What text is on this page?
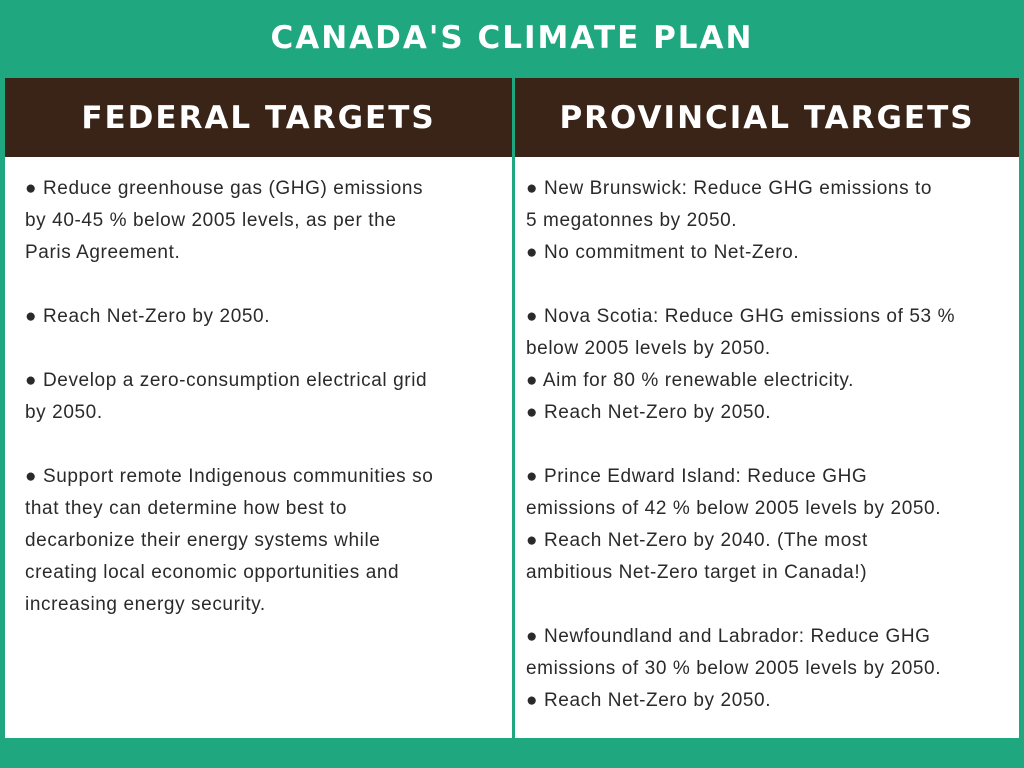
CANADA'S CLIMATE PLAN
FEDERAL TARGETS
● Reduce greenhouse gas (GHG) emissions
by 40-45 % below 2005 levels, as per the
Paris Agreement.
● Reach Net-Zero by 2050.
● Develop a zero-consumption electrical grid
by 2050.
● Support remote Indigenous communities so
that they can determine how best to
decarbonize their energy systems while
creating local economic opportunities and
increasing energy security.
PROVINCIAL TARGETS
● New Brunswick: Reduce GHG emissions to
5 megatonnes by 2050.
● No commitment to Net-Zero.
● Nova Scotia: Reduce GHG emissions of 53 %
below 2005 levels by 2050.
● Aim for 80 % renewable electricity.
● Reach Net-Zero by 2050.
● Prince Edward Island: Reduce GHG
emissions of 42 % below 2005 levels by 2050.
● Reach Net-Zero by 2040. (The most
ambitious Net-Zero target in Canada!)
● Newfoundland and Labrador: Reduce GHG
emissions of 30 % below 2005 levels by 2050.
● Reach Net-Zero by 2050.
